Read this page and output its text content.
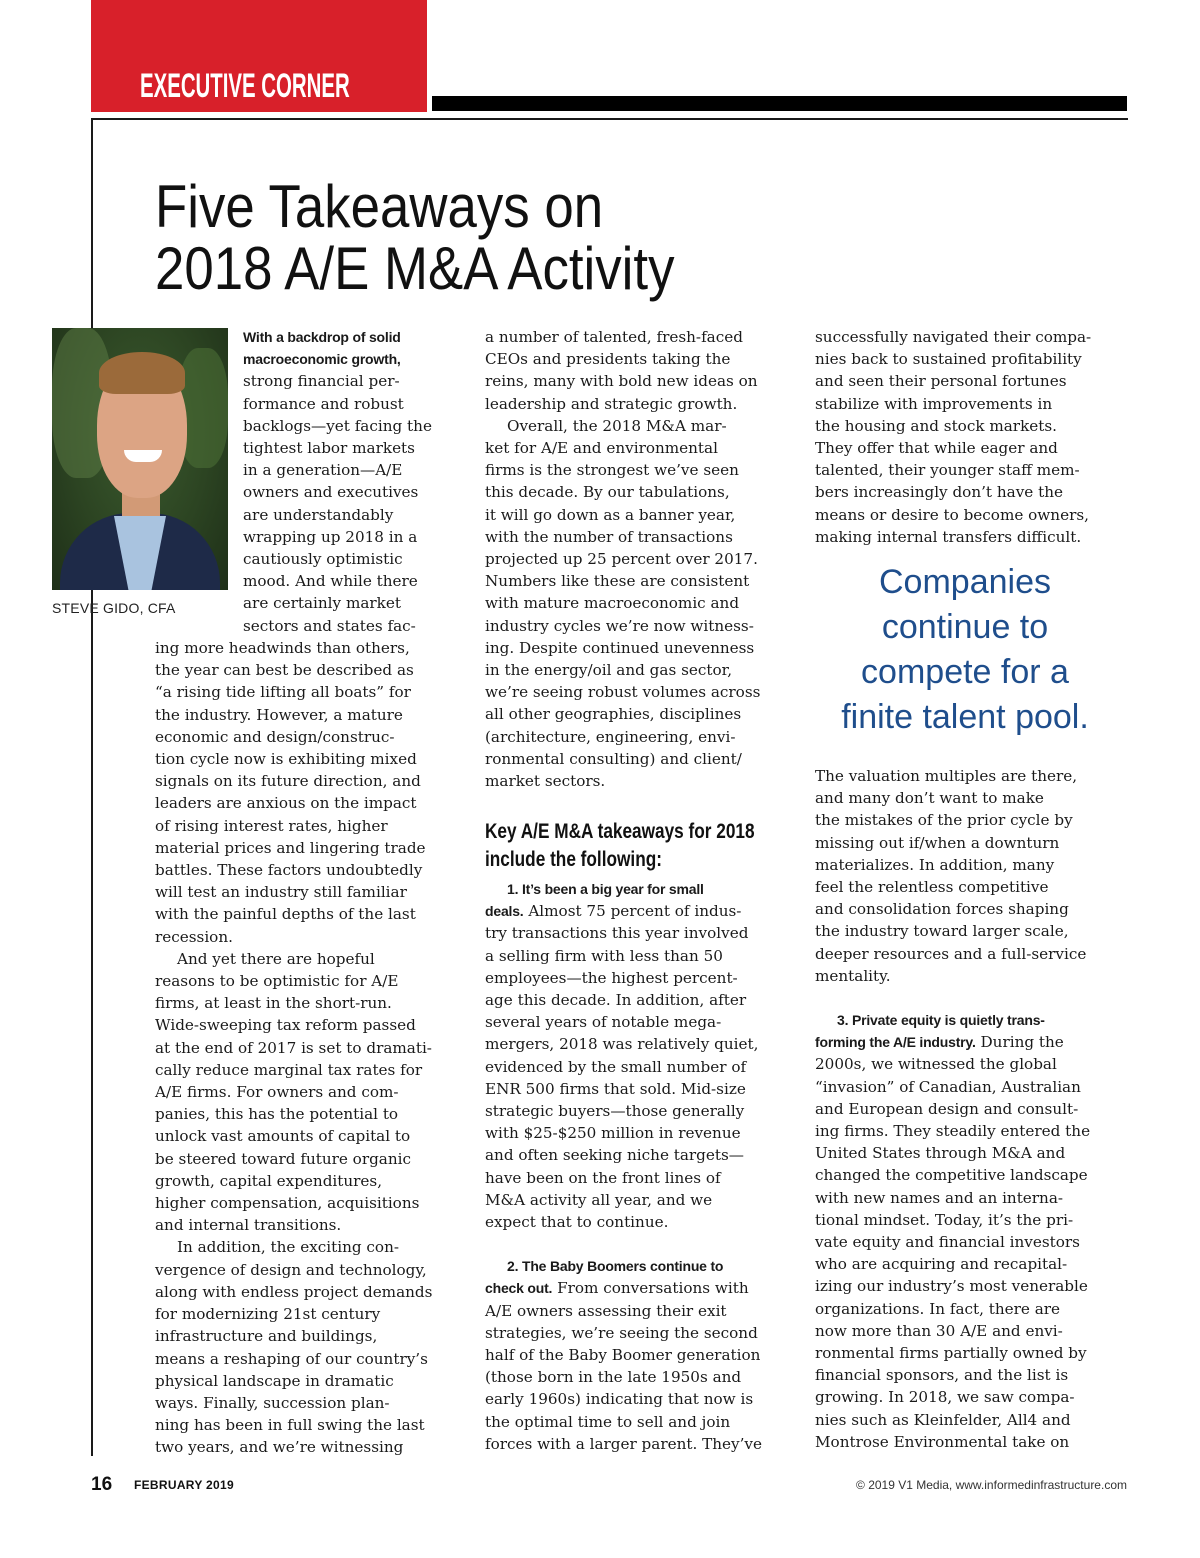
EXECUTIVE CORNER
Five Takeaways on
2018 A/E M&A Activity
STEVE GIDO, CFA
With a backdrop of solid
macroeconomic growth,
strong financial per-
formance and robust
backlogs—yet facing the
tightest labor markets
in a generation—A/E
owners and executives
are understandably
wrapping up 2018 in a
cautiously optimistic
mood. And while there
are certainly market
sectors and states fac-
ing more headwinds than others,
the year can best be described as
“a rising tide lifting all boats” for
the industry. However, a mature
economic and design/construc-
tion cycle now is exhibiting mixed
signals on its future direction, and
leaders are anxious on the impact
of rising interest rates, higher
material prices and lingering trade
battles. These factors undoubtedly
will test an industry still familiar
with the painful depths of the last
recession.
And yet there are hopeful
reasons to be optimistic for A/E
firms, at least in the short-run.
Wide-sweeping tax reform passed
at the end of 2017 is set to dramati-
cally reduce marginal tax rates for
A/E firms. For owners and com-
panies, this has the potential to
unlock vast amounts of capital to
be steered toward future organic
growth, capital expenditures,
higher compensation, acquisitions
and internal transitions.
In addition, the exciting con-
vergence of design and technology,
along with endless project demands
for modernizing 21st century
infrastructure and buildings,
means a reshaping of our country’s
physical landscape in dramatic
ways. Finally, succession plan-
ning has been in full swing the last
two years, and we’re witnessing
a number of talented, fresh-faced
CEOs and presidents taking the
reins, many with bold new ideas on
leadership and strategic growth.
Overall, the 2018 M&A mar-
ket for A/E and environmental
firms is the strongest we’ve seen
this decade. By our tabulations,
it will go down as a banner year,
with the number of transactions
projected up 25 percent over 2017.
Numbers like these are consistent
with mature macroeconomic and
industry cycles we’re now witness-
ing. Despite continued unevenness
in the energy/oil and gas sector,
we’re seeing robust volumes across
all other geographies, disciplines
(architecture, engineering, envi-
ronmental consulting) and client/
market sectors.
Key A/E M&A takeaways for 2018
include the following:
1. It’s been a big year for small
deals. Almost 75 percent of indus-
try transactions this year involved
a selling firm with less than 50
employees—the highest percent-
age this decade. In addition, after
several years of notable mega-
mergers, 2018 was relatively quiet,
evidenced by the small number of
ENR 500 firms that sold. Mid-size
strategic buyers—those generally
with $25-$250 million in revenue
and often seeking niche targets—
have been on the front lines of
M&A activity all year, and we
expect that to continue.
2. The Baby Boomers continue to
check out. From conversations with
A/E owners assessing their exit
strategies, we’re seeing the second
half of the Baby Boomer generation
(those born in the late 1950s and
early 1960s) indicating that now is
the optimal time to sell and join
forces with a larger parent. They’ve
successfully navigated their compa-
nies back to sustained profitability
and seen their personal fortunes
stabilize with improvements in
the housing and stock markets.
They offer that while eager and
talented, their younger staff mem-
bers increasingly don’t have the
means or desire to become owners,
making internal transfers difficult.
Companies
continue to
compete for a
finite talent pool.
The valuation multiples are there,
and many don’t want to make
the mistakes of the prior cycle by
missing out if/when a downturn
materializes. In addition, many
feel the relentless competitive
and consolidation forces shaping
the industry toward larger scale,
deeper resources and a full-service
mentality.
3. Private equity is quietly trans-
forming the A/E industry. During the
2000s, we witnessed the global
“invasion” of Canadian, Australian
and European design and consult-
ing firms. They steadily entered the
United States through M&A and
changed the competitive landscape
with new names and an interna-
tional mindset. Today, it’s the pri-
vate equity and financial investors
who are acquiring and recapital-
izing our industry’s most venerable
organizations. In fact, there are
now more than 30 A/E and envi-
ronmental firms partially owned by
financial sponsors, and the list is
growing. In 2018, we saw compa-
nies such as Kleinfelder, All4 and
Montrose Environmental take on
16 FEBRUARY 2019	© 2019 V1 Media, www.informedinfrastructure.com
